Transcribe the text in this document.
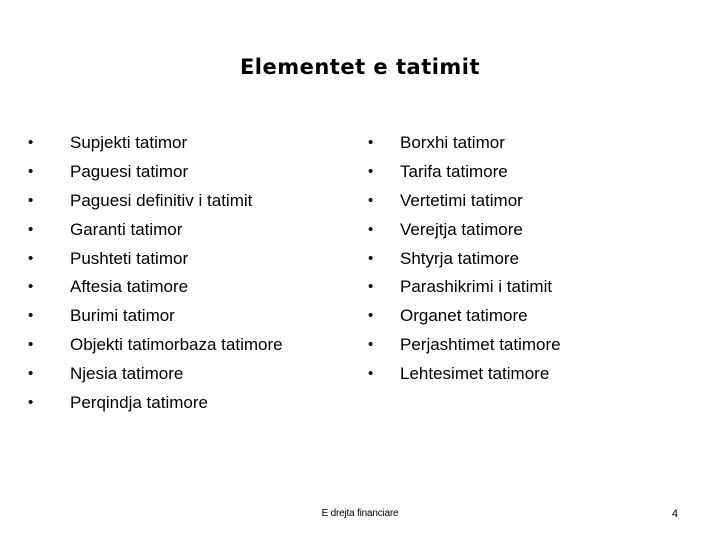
Elementet e tatimit
• Supjekti tatimor
• Paguesi tatimor
• Paguesi definitiv i tatimit
• Garanti tatimor
• Pushteti tatimor
• Aftesia tatimore
• Burimi tatimor
• Objekti tatimorbaza tatimore
• Njesia tatimore
• Perqindja tatimore
• Borxhi tatimor
• Tarifa tatimore
• Vertetimi tatimor
• Verejtja tatimore
• Shtyrja tatimore
• Parashikrimi i tatimit
• Organet tatimore
• Perjashtimet tatimore
• Lehtesimet tatimore
E drejta financiare	4
